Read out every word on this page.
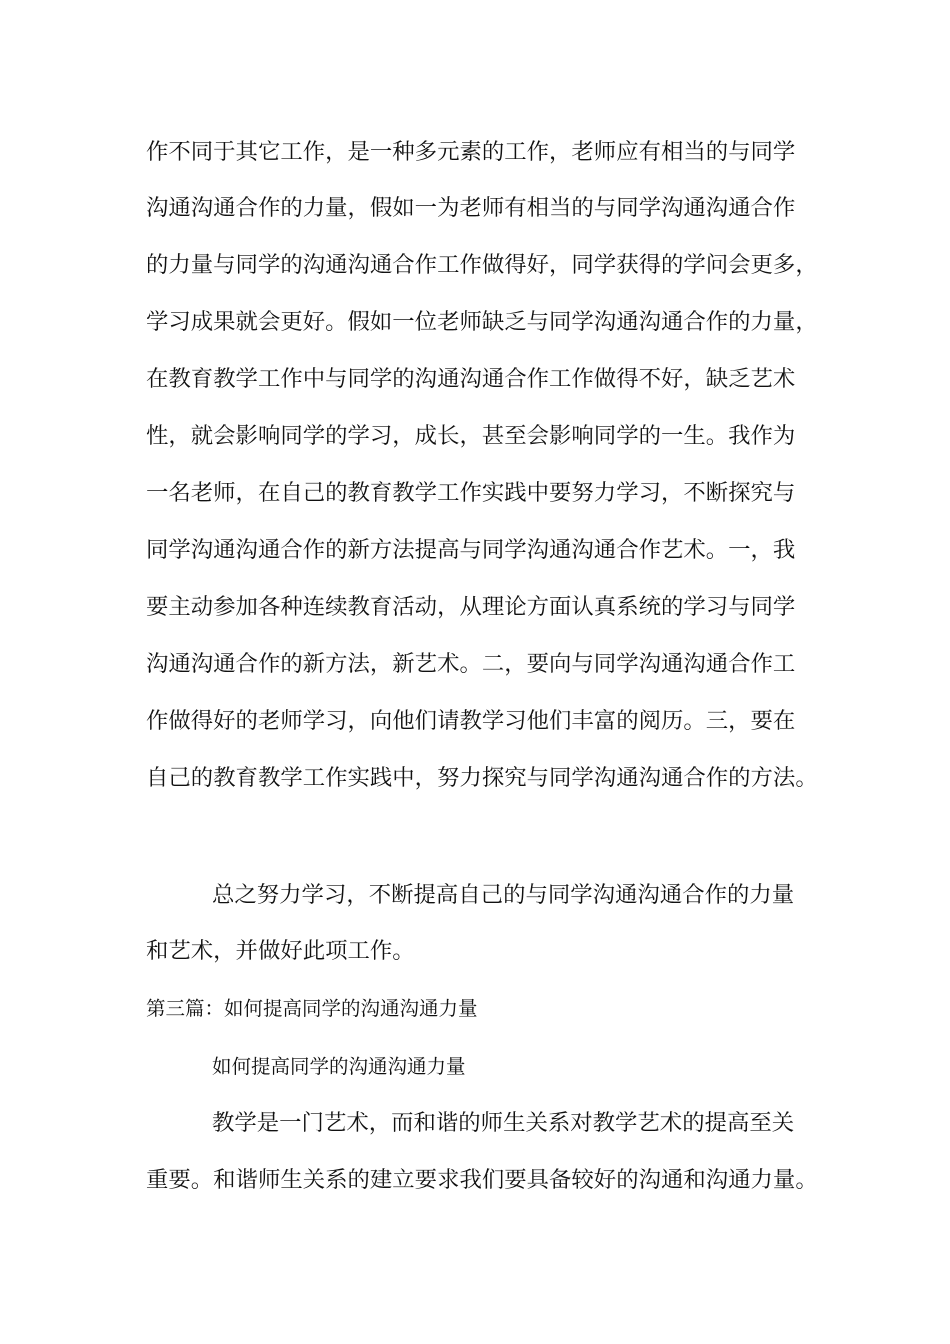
作不同于其它工作，是一种多元素的工作，老师应有相当的与同学
沟通沟通合作的力量，假如一为老师有相当的与同学沟通沟通合作
的力量与同学的沟通沟通合作工作做得好，同学获得的学问会更多，
学习成果就会更好。假如一位老师缺乏与同学沟通沟通合作的力量，
在教育教学工作中与同学的沟通沟通合作工作做得不好，缺乏艺术
性，就会影响同学的学习，成长，甚至会影响同学的一生。我作为
一名老师，在自己的教育教学工作实践中要努力学习，不断探究与
同学沟通沟通合作的新方法提高与同学沟通沟通合作艺术。一，我
要主动参加各种连续教育活动，从理论方面认真系统的学习与同学
沟通沟通合作的新方法，新艺术。二，要向与同学沟通沟通合作工
作做得好的老师学习，向他们请教学习他们丰富的阅历。三，要在
自己的教育教学工作实践中，努力探究与同学沟通沟通合作的方法。
总之努力学习，不断提高自己的与同学沟通沟通合作的力量
和艺术，并做好此项工作。
第三篇：如何提高同学的沟通沟通力量
如何提高同学的沟通沟通力量
教学是一门艺术，而和谐的师生关系对教学艺术的提高至关
重要。和谐师生关系的建立要求我们要具备较好的沟通和沟通力量。
